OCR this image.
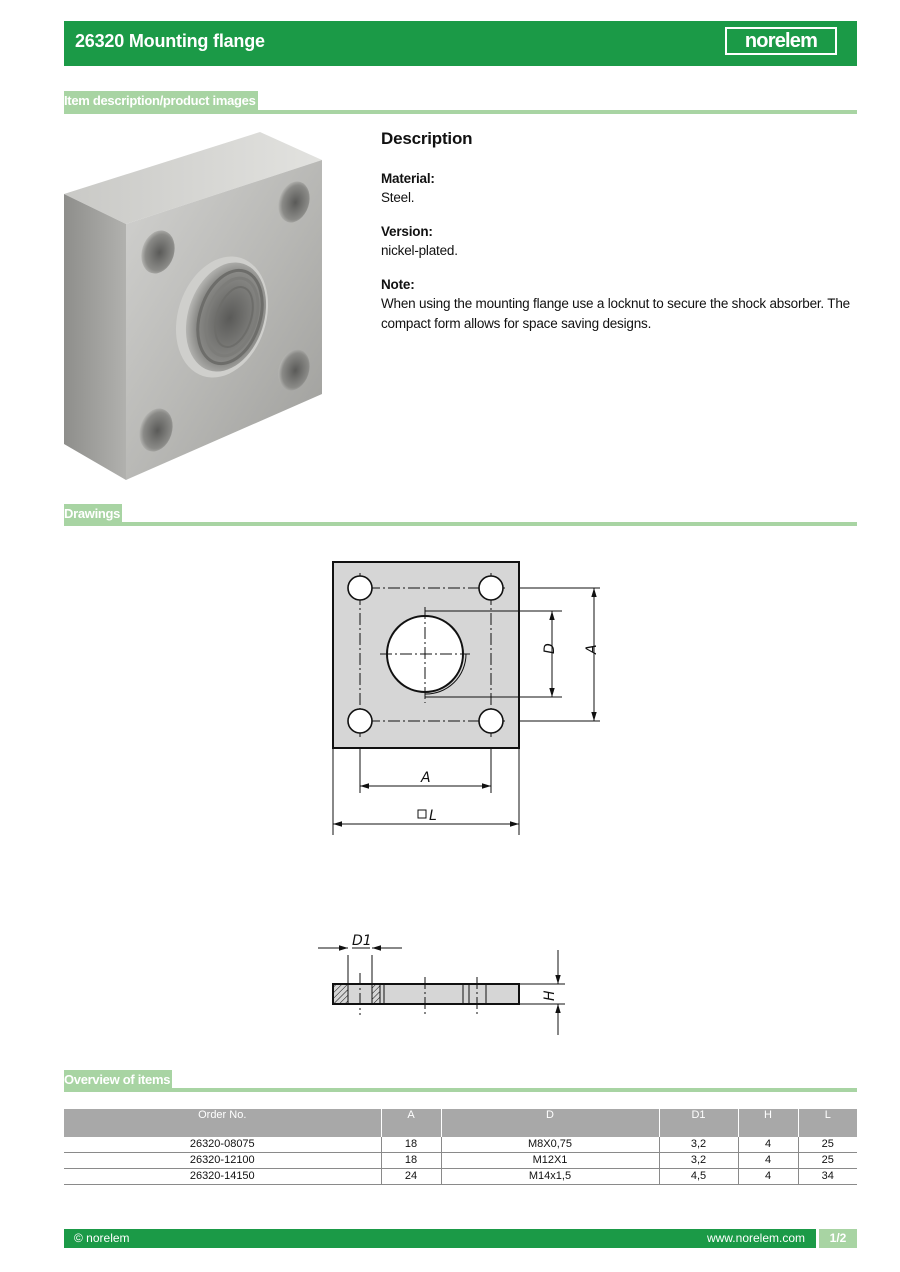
26320 Mounting flange	norelem
Item description/product images
Description
Material:
Steel.
Version:
nickel-plated.
Note:
When using the mounting flange use a locknut to secure the shock absorber. The compact form allows for space saving designs.
Drawings
D A
A
L
D1
H
Overview of items
Order No.	A	D	D1	H	L
26320-08075	18	M8X0,75	3,2	4	25
26320-12100	18	M12X1	3,2	4	25
26320-14150	24	M14x1,5	4,5	4	34
© norelem	www.norelem.com	1/2
